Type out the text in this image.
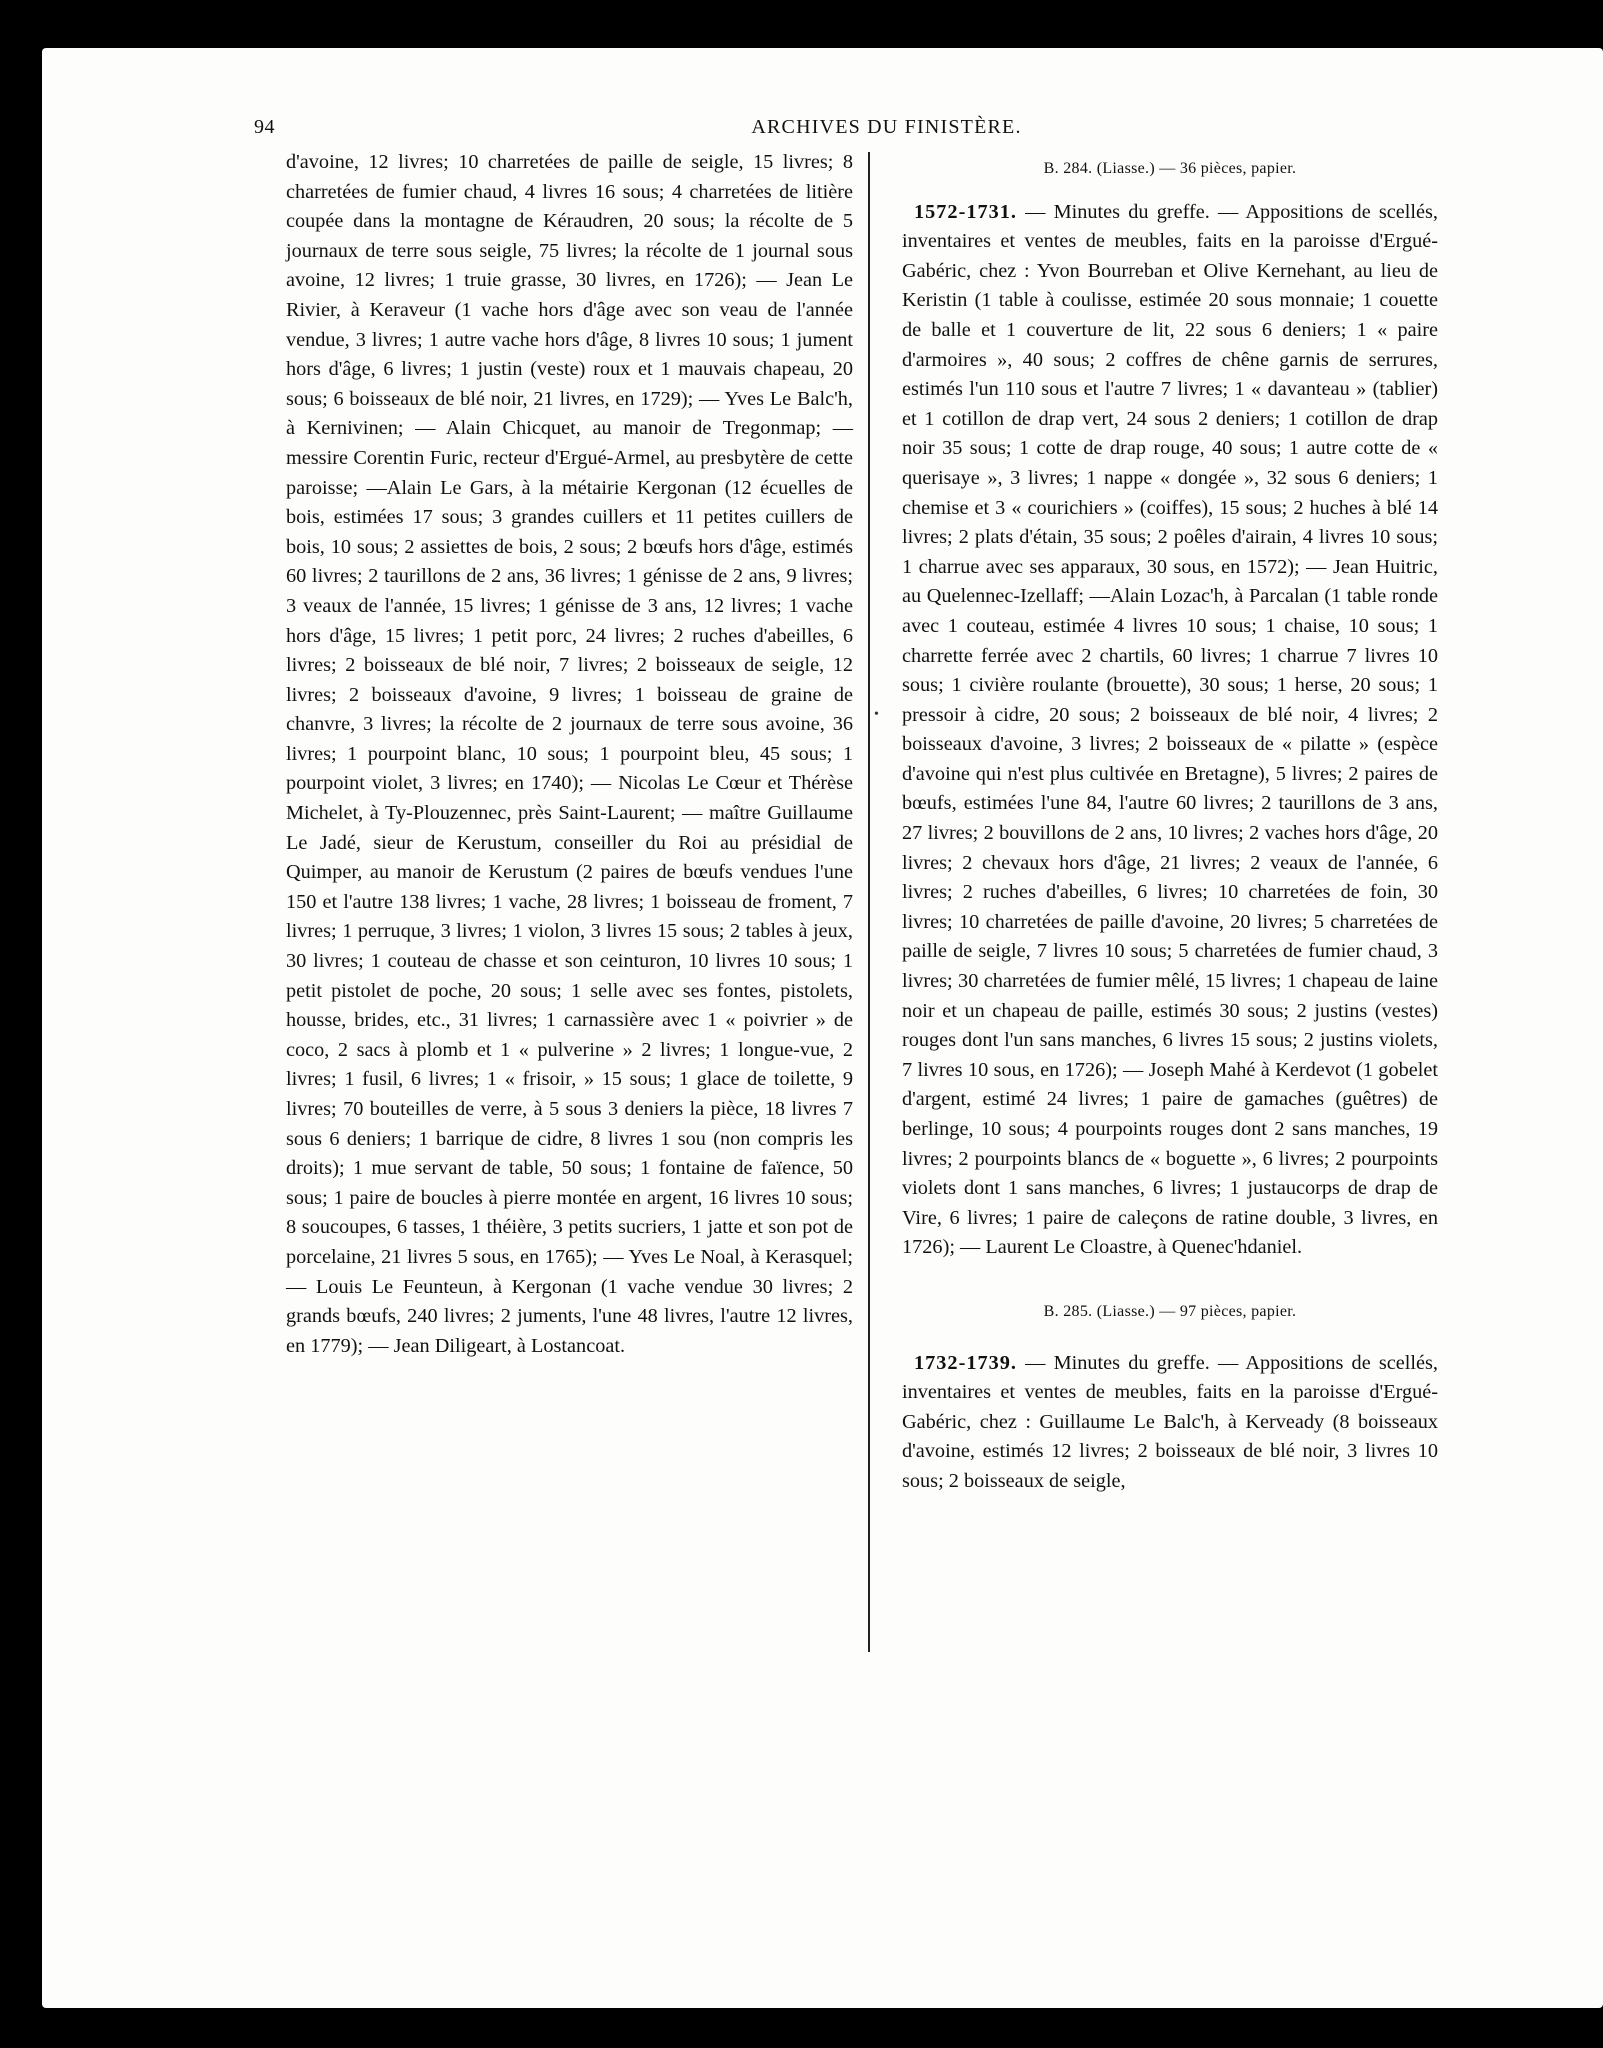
94	ARCHIVES DU FINISTÈRE.

d'avoine, 12 livres; 10 charretées de paille de seigle, 15 livres; 8 charretées de fumier chaud, 4 livres 16 sous; 4 charretées de litière coupée dans la montagne de Kéraudren, 20 sous; la récolte de 5 journaux de terre sous seigle, 75 livres; la récolte de 1 journal sous avoine, 12 livres; 1 truie grasse, 30 livres, en 1726); — Jean Le Rivier, à Keraveur (1 vache hors d'âge avec son veau de l'année vendue, 3 livres; 1 autre vache hors d'âge, 8 livres 10 sous; 1 jument hors d'âge, 6 livres; 1 justin (veste) roux et 1 mauvais chapeau, 20 sous; 6 boisseaux de blé noir, 21 livres, en 1729); — Yves Le Balc'h, à Kernivinen; — Alain Chicquet, au manoir de Tregonmap; — messire Corentin Furic, recteur d'Ergué-Armel, au presbytère de cette paroisse; —Alain Le Gars, à la métairie Kergonan (12 écuelles de bois, estimées 17 sous; 3 grandes cuillers et 11 petites cuillers de bois, 10 sous; 2 assiettes de bois, 2 sous; 2 bœufs hors d'âge, estimés 60 livres; 2 taurillons de 2 ans, 36 livres; 1 génisse de 2 ans, 9 livres; 3 veaux de l'année, 15 livres; 1 génisse de 3 ans, 12 livres; 1 vache hors d'âge, 15 livres; 1 petit porc, 24 livres; 2 ruches d'abeilles, 6 livres; 2 boisseaux de blé noir, 7 livres; 2 boisseaux de seigle, 12 livres; 2 boisseaux d'avoine, 9 livres; 1 boisseau de graine de chanvre, 3 livres; la récolte de 2 journaux de terre sous avoine, 36 livres; 1 pourpoint blanc, 10 sous; 1 pourpoint bleu, 45 sous; 1 pourpoint violet, 3 livres; en 1740); — Nicolas Le Cœur et Thérèse Michelet, à Ty-Plouzennec, près Saint-Laurent; — maître Guillaume Le Jadé, sieur de Kerustum, conseiller du Roi au présidial de Quimper, au manoir de Kerustum (2 paires de bœufs vendues l'une 150 et l'autre 138 livres; 1 vache, 28 livres; 1 boisseau de froment, 7 livres; 1 perruque, 3 livres; 1 violon, 3 livres 15 sous; 2 tables à jeux, 30 livres; 1 couteau de chasse et son ceinturon, 10 livres 10 sous; 1 petit pistolet de poche, 20 sous; 1 selle avec ses fontes, pistolets, housse, brides, etc., 31 livres; 1 carnassière avec 1 « poivrier » de coco, 2 sacs à plomb et 1 « pulverine » 2 livres; 1 longue-vue, 2 livres; 1 fusil, 6 livres; 1 « frisoir, » 15 sous; 1 glace de toilette, 9 livres; 70 bouteilles de verre, à 5 sous 3 deniers la pièce, 18 livres 7 sous 6 deniers; 1 barrique de cidre, 8 livres 1 sou (non compris les droits); 1 mue servant de table, 50 sous; 1 fontaine de faïence, 50 sous; 1 paire de boucles à pierre montée en argent, 16 livres 10 sous; 8 soucoupes, 6 tasses, 1 théière, 3 petits sucriers, 1 jatte et son pot de porcelaine, 21 livres 5 sous, en 1765); — Yves Le Noal, à Kerasquel; — Louis Le Feunteun, à Kergonan (1 vache vendue 30 livres; 2 grands bœufs, 240 livres; 2 juments, l'une 48 livres, l'autre 12 livres, en 1779); — Jean Diligeart, à Lostancoat.

•
B. 284. (Liasse.) — 36 pièces, papier.

1572-1731. — Minutes du greffe. — Appositions de scellés, inventaires et ventes de meubles, faits en la paroisse d'Ergué-Gabéric, chez : Yvon Bourreban et Olive Kernehant, au lieu de Keristin (1 table à coulisse, estimée 20 sous monnaie; 1 couette de balle et 1 couverture de lit, 22 sous 6 deniers; 1 « paire d'armoires », 40 sous; 2 coffres de chêne garnis de serrures, estimés l'un 110 sous et l'autre 7 livres; 1 « davanteau » (tablier) et 1 cotillon de drap vert, 24 sous 2 deniers; 1 cotillon de drap noir 35 sous; 1 cotte de drap rouge, 40 sous; 1 autre cotte de « querisaye », 3 livres; 1 nappe « dongée », 32 sous 6 deniers; 1 chemise et 3 « courichiers » (coiffes), 15 sous; 2 huches à blé 14 livres; 2 plats d'étain, 35 sous; 2 poêles d'airain, 4 livres 10 sous; 1 charrue avec ses apparaux, 30 sous, en 1572); — Jean Huitric, au Quelennec-Izellaff; —Alain Lozac'h, à Parcalan (1 table ronde avec 1 couteau, estimée 4 livres 10 sous; 1 chaise, 10 sous; 1 charrette ferrée avec 2 chartils, 60 livres; 1 charrue 7 livres 10 sous; 1 civière roulante (brouette), 30 sous; 1 herse, 20 sous; 1 pressoir à cidre, 20 sous; 2 boisseaux de blé noir, 4 livres; 2 boisseaux d'avoine, 3 livres; 2 boisseaux de « pilatte » (espèce d'avoine qui n'est plus cultivée en Bretagne), 5 livres; 2 paires de bœufs, estimées l'une 84, l'autre 60 livres; 2 taurillons de 3 ans, 27 livres; 2 bouvillons de 2 ans, 10 livres; 2 vaches hors d'âge, 20 livres; 2 chevaux hors d'âge, 21 livres; 2 veaux de l'année, 6 livres; 2 ruches d'abeilles, 6 livres; 10 charretées de foin, 30 livres; 10 charretées de paille d'avoine, 20 livres; 5 charretées de paille de seigle, 7 livres 10 sous; 5 charretées de fumier chaud, 3 livres; 30 charretées de fumier mêlé, 15 livres; 1 chapeau de laine noir et un chapeau de paille, estimés 30 sous; 2 justins (vestes) rouges dont l'un sans manches, 6 livres 15 sous; 2 justins violets, 7 livres 10 sous, en 1726); — Joseph Mahé à Kerdevot (1 gobelet d'argent, estimé 24 livres; 1 paire de gamaches (guêtres) de berlinge, 10 sous; 4 pourpoints rouges dont 2 sans manches, 19 livres; 2 pourpoints blancs de « boguette », 6 livres; 2 pourpoints violets dont 1 sans manches, 6 livres; 1 justaucorps de drap de Vire, 6 livres; 1 paire de caleçons de ratine double, 3 livres, en 1726); — Laurent Le Cloastre, à Quenec'hdaniel.

B. 285. (Liasse.) — 97 pièces, papier.

1732-1739. — Minutes du greffe. — Appositions de scellés, inventaires et ventes de meubles, faits en la paroisse d'Ergué-Gabéric, chez : Guillaume Le Balc'h, à Kerveady (8 boisseaux d'avoine, estimés 12 livres; 2 boisseaux de blé noir, 3 livres 10 sous; 2 boisseaux de seigle,
